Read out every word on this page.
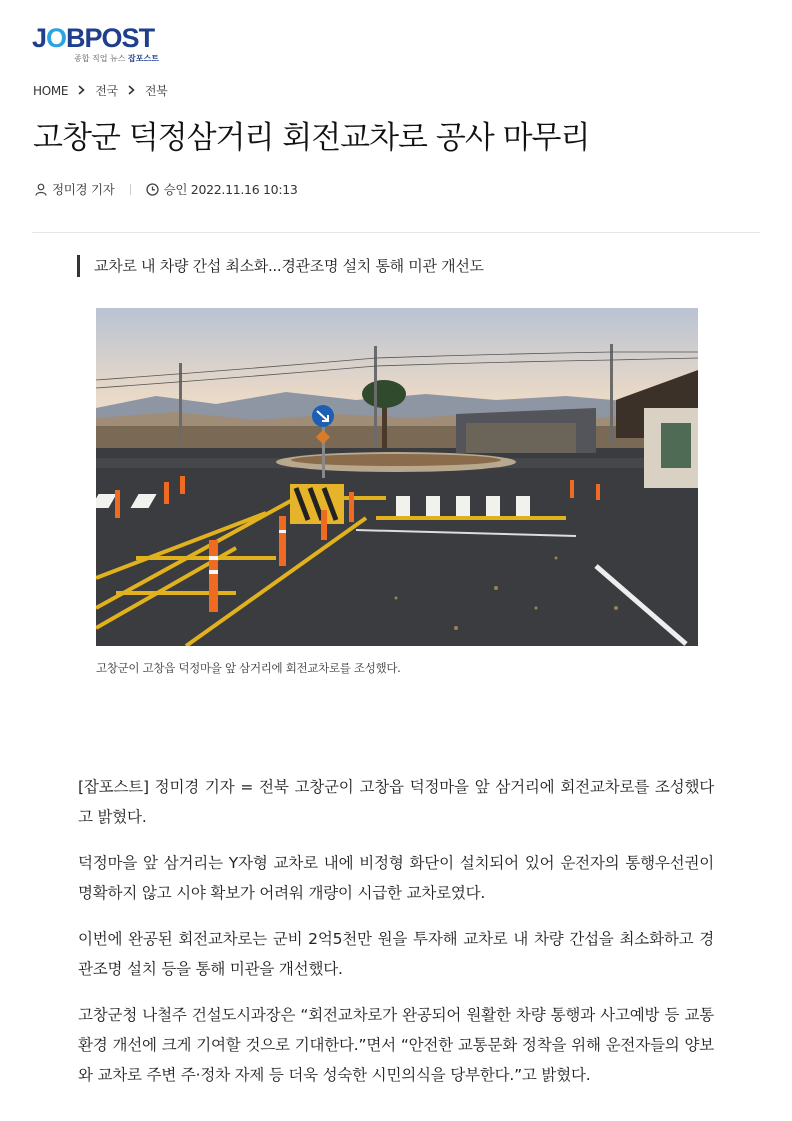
JOBPOST
종합 직업 뉴스 잡포스트
HOME 전국 전북
고창군 덕정삼거리 회전교차로 공사 마무리
정미경 기자	승인 2022.11.16 10:13
교차로 내 차량 간섭 최소화...경관조명 설치 통해 미관 개선도
고창군이 고창읍 덕정마을 앞 삼거리에 회전교차로를 조성했다.

[잡포스트] 정미경 기자 = 전북 고창군이 고창읍 덕정마을 앞 삼거리에 회전교차로를 조성했다고 밝혔다.

덕정마을 앞 삼거리는 Y자형 교차로 내에 비정형 화단이 설치되어 있어 운전자의 통행우선권이 명확하지 않고 시야 확보가 어려워 개량이 시급한 교차로였다.

이번에 완공된 회전교차로는 군비 2억5천만 원을 투자해 교차로 내 차량 간섭을 최소화하고 경관조명 설치 등을 통해 미관을 개선했다.

고창군청 나철주 건설도시과장은 “회전교차로가 완공되어 원활한 차량 통행과 사고예방 등 교통환경 개선에 크게 기여할 것으로 기대한다.”면서 “안전한 교통문화 정착을 위해 운전자들의 양보와 교차로 주변 주·정차 자제 등 더욱 성숙한 시민의식을 당부한다.”고 밝혔다.
